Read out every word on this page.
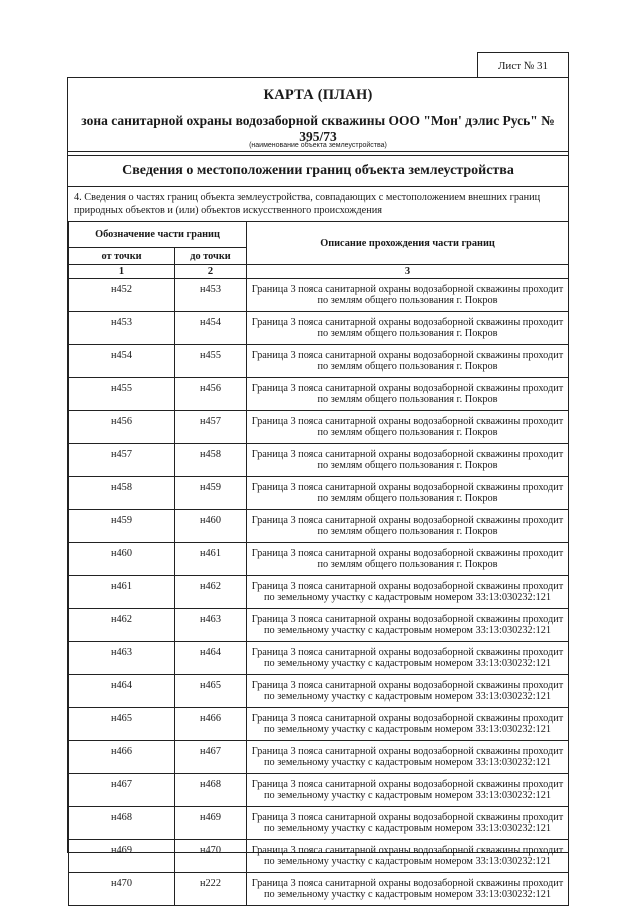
Лист № 31
КАРТА (ПЛАН)
зона санитарной охраны водозаборной скважины ООО "Мон' дэлис Русь" № 395/73
(наименование объекта землеустройства)
Сведения о местоположении границ объекта землеустройства
4. Сведения о частях границ объекта землеустройства, совпадающих с местоположением внешних границ природных объектов и (или) объектов искусственного происхождения
Обозначение части границ		Описание прохождения части границ
от точки	до точки	
1	2	3
н452	н453	Граница 3 пояса санитарной охраны водозаборной скважины проходит по землям общего пользования г. Покров
н453	н454	Граница 3 пояса санитарной охраны водозаборной скважины проходит по землям общего пользования г. Покров
н454	н455	Граница 3 пояса санитарной охраны водозаборной скважины проходит по землям общего пользования г. Покров
н455	н456	Граница 3 пояса санитарной охраны водозаборной скважины проходит по землям общего пользования г. Покров
н456	н457	Граница 3 пояса санитарной охраны водозаборной скважины проходит по землям общего пользования г. Покров
н457	н458	Граница 3 пояса санитарной охраны водозаборной скважины проходит по землям общего пользования г. Покров
н458	н459	Граница 3 пояса санитарной охраны водозаборной скважины проходит по землям общего пользования г. Покров
н459	н460	Граница 3 пояса санитарной охраны водозаборной скважины проходит по землям общего пользования г. Покров
н460	н461	Граница 3 пояса санитарной охраны водозаборной скважины проходит по землям общего пользования г. Покров
н461	н462	Граница 3 пояса санитарной охраны водозаборной скважины проходит по земельному участку с кадастровым номером 33:13:030232:121
н462	н463	Граница 3 пояса санитарной охраны водозаборной скважины проходит по земельному участку с кадастровым номером 33:13:030232:121
н463	н464	Граница 3 пояса санитарной охраны водозаборной скважины проходит по земельному участку с кадастровым номером 33:13:030232:121
н464	н465	Граница 3 пояса санитарной охраны водозаборной скважины проходит по земельному участку с кадастровым номером 33:13:030232:121
н465	н466	Граница 3 пояса санитарной охраны водозаборной скважины проходит по земельному участку с кадастровым номером 33:13:030232:121
н466	н467	Граница 3 пояса санитарной охраны водозаборной скважины проходит по земельному участку с кадастровым номером 33:13:030232:121
н467	н468	Граница 3 пояса санитарной охраны водозаборной скважины проходит по земельному участку с кадастровым номером 33:13:030232:121
н468	н469	Граница 3 пояса санитарной охраны водозаборной скважины проходит по земельному участку с кадастровым номером 33:13:030232:121
н469	н470	Граница 3 пояса санитарной охраны водозаборной скважины проходит по земельному участку с кадастровым номером 33:13:030232:121
н470	н222	Граница 3 пояса санитарной охраны водозаборной скважины проходит по земельному участку с кадастровым номером 33:13:030232:121
